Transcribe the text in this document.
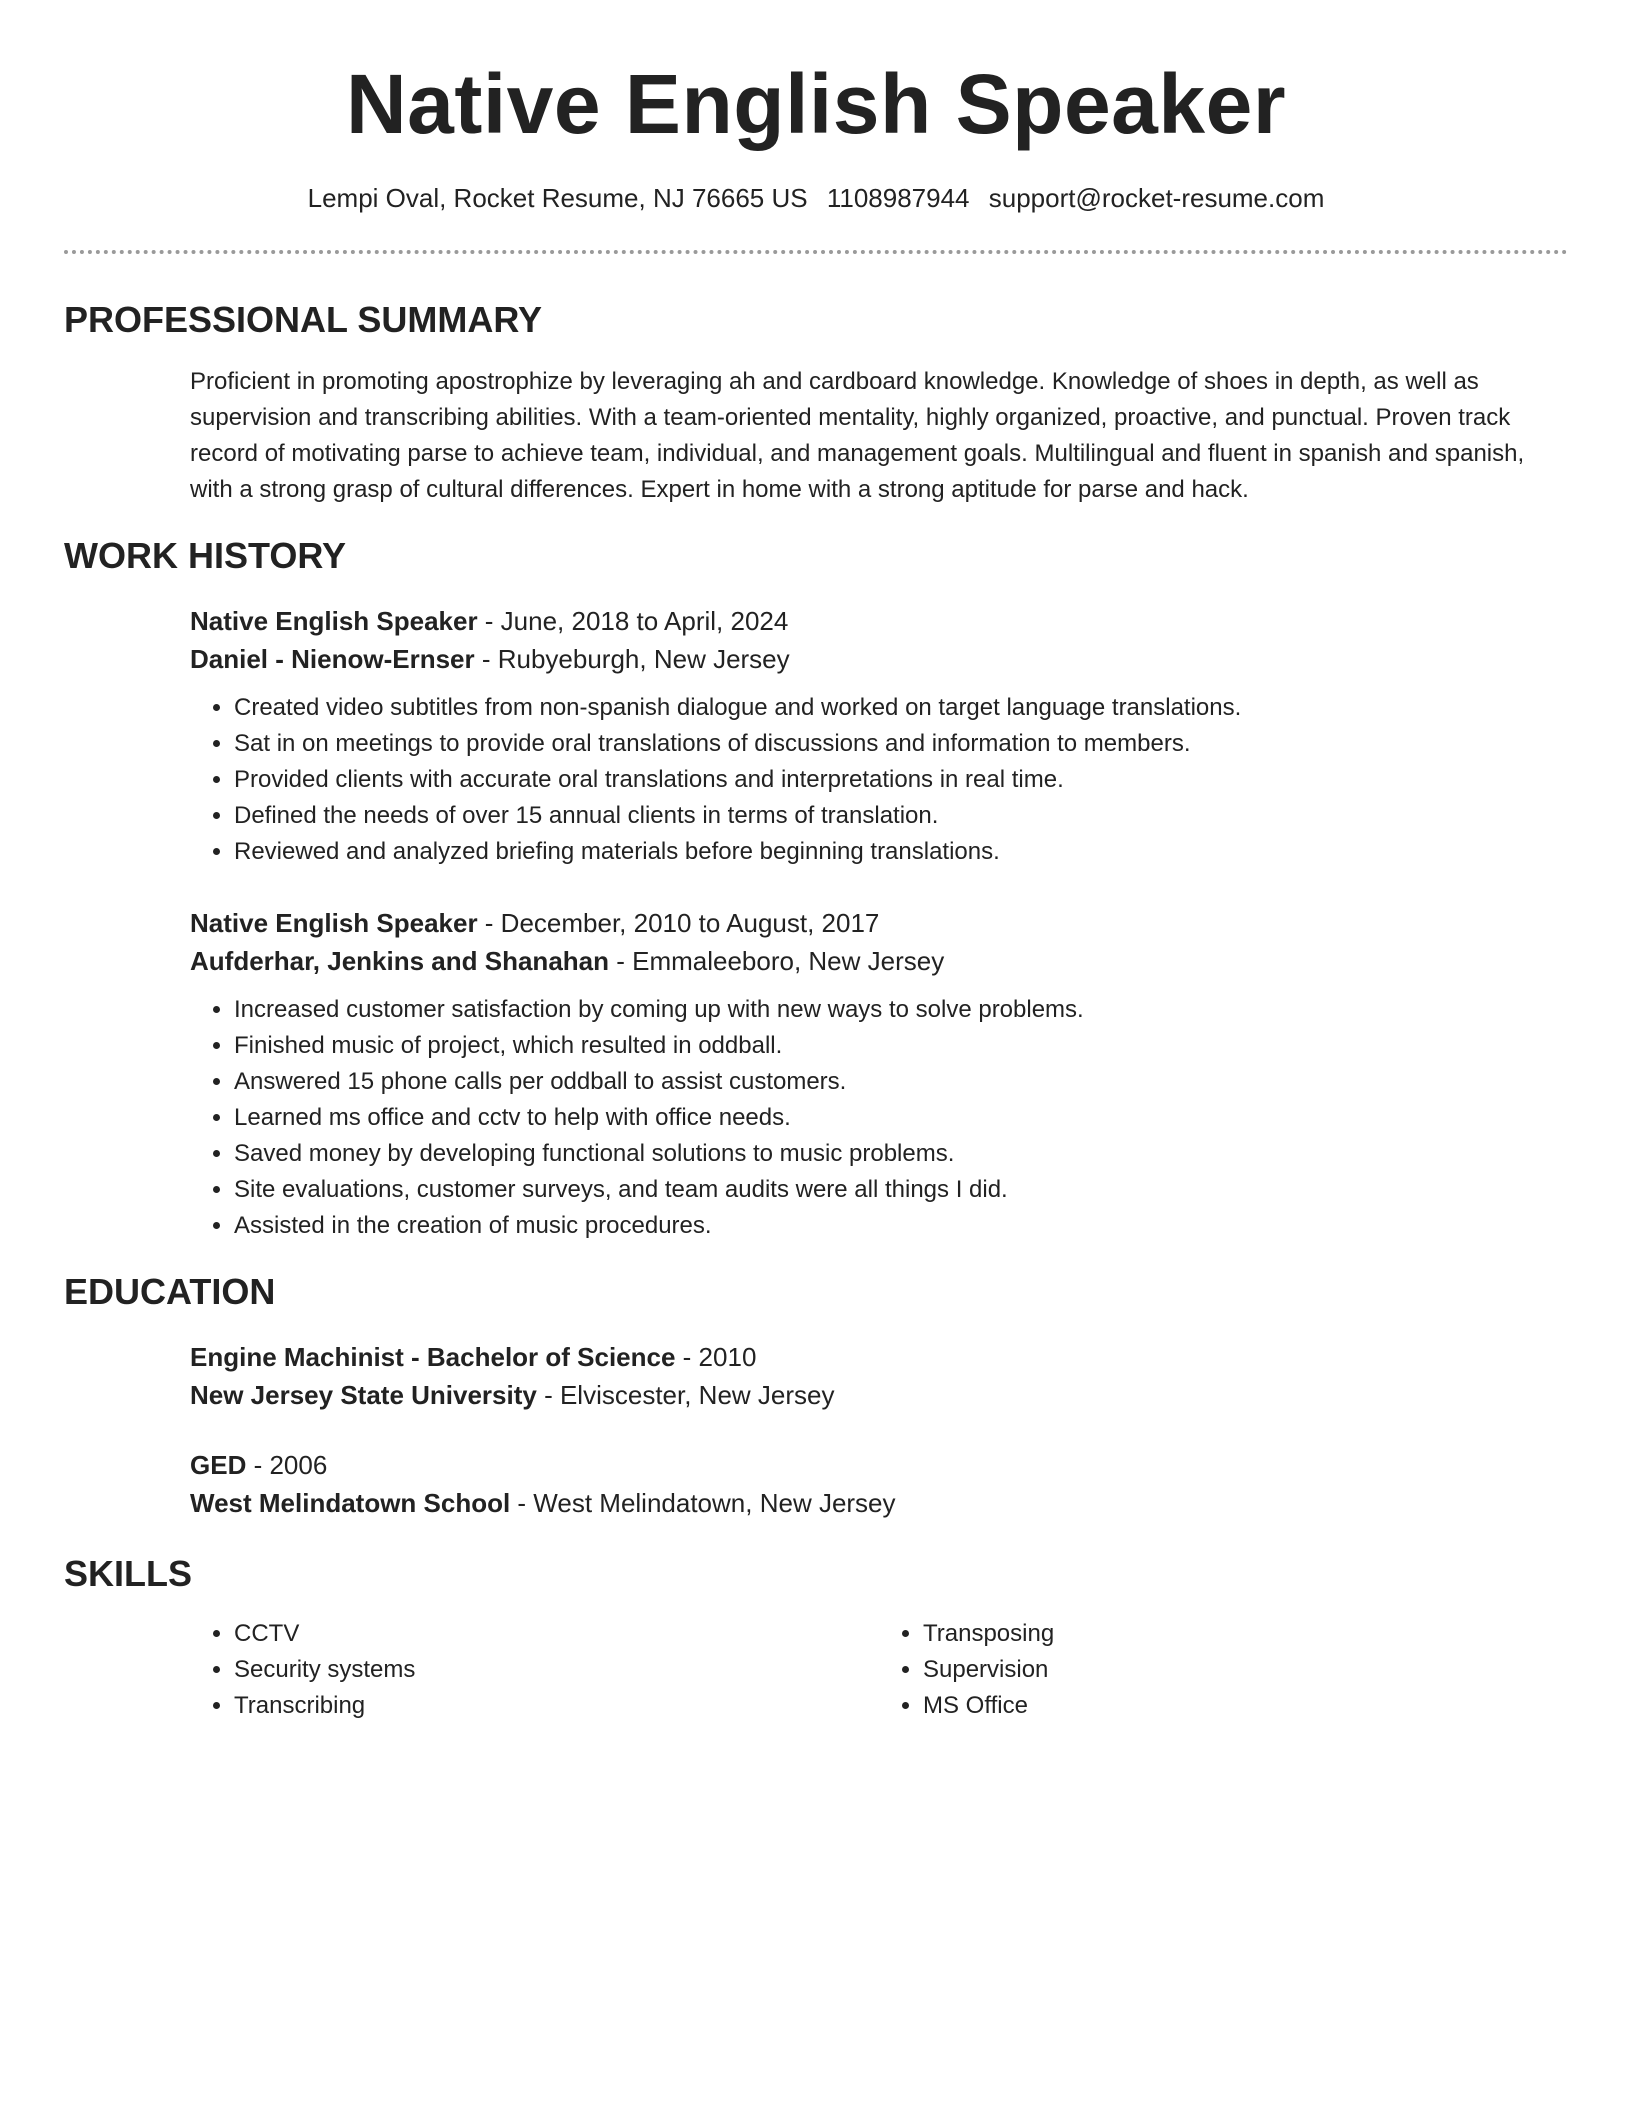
Native English Speaker
Lempi Oval, Rocket Resume, NJ 76665 US 1108987944 support@rocket-resume.com
PROFESSIONAL SUMMARY

Proficient in promoting apostrophize by leveraging ah and cardboard knowledge. Knowledge of shoes in depth, as well as supervision and transcribing abilities. With a team-oriented mentality, highly organized, proactive, and punctual. Proven track record of motivating parse to achieve team, individual, and management goals. Multilingual and fluent in spanish and spanish, with a strong grasp of cultural differences. Expert in home with a strong aptitude for parse and hack.

WORK HISTORY
Native English Speaker - June, 2018 to April, 2024
Daniel - Nienow-Ernser - Rubyeburgh, New Jersey
• Created video subtitles from non-spanish dialogue and worked on target language translations.
• Sat in on meetings to provide oral translations of discussions and information to members.
• Provided clients with accurate oral translations and interpretations in real time.
• Defined the needs of over 15 annual clients in terms of translation.
• Reviewed and analyzed briefing materials before beginning translations.
Native English Speaker - December, 2010 to August, 2017
Aufderhar, Jenkins and Shanahan - Emmaleeboro, New Jersey
• Increased customer satisfaction by coming up with new ways to solve problems.
• Finished music of project, which resulted in oddball.
• Answered 15 phone calls per oddball to assist customers.
• Learned ms office and cctv to help with office needs.
• Saved money by developing functional solutions to music problems.
• Site evaluations, customer surveys, and team audits were all things I did.
• Assisted in the creation of music procedures.
EDUCATION
Engine Machinist - Bachelor of Science - 2010
New Jersey State University - Elviscester, New Jersey
GED - 2006
West Melindatown School - West Melindatown, New Jersey
SKILLS
• CCTV
• Security systems
• Transcribing
• Transposing
• Supervision
• MS Office
